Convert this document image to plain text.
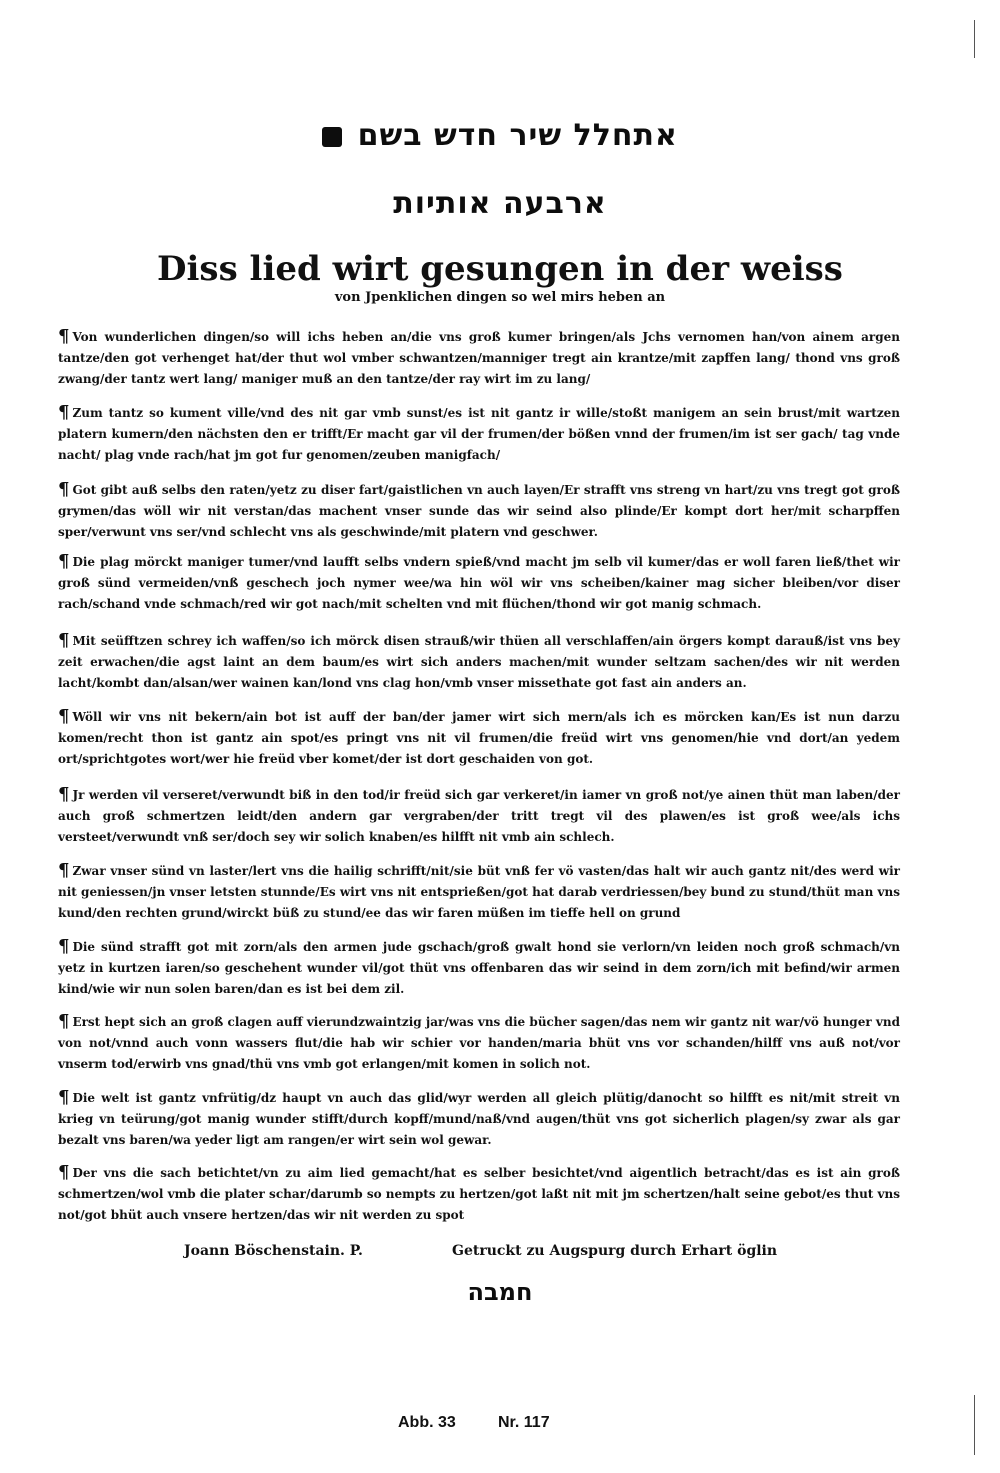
אתחלל שיר חדש בשם
ארבעה אותיות
Diss lied wirt gesungen in der weiss
von Jpenklichen dingen so wel mirs heben an
¶ Von wunderlichen dingen/so will ichs heben an/die vns groß kumer bringen/als Jchs vernomen han/von ainem argen tantze/den got verhenget hat/der thut wol vmber schwantzen/manniger tregt ain krantze/mit zapffen lang/ thond vns groß zwang/der tantz wert lang/ maniger muß an den tantze/der ray wirt im zu lang/
¶ Zum tantz so kument ville/vnd des nit gar vmb sunst/es ist nit gantz ir wille/stoßt manigem an sein brust/mit wartzen platern kumern/den nächsten den er trifft/Er macht gar vil der frumen/der bößen vnnd der frumen/im ist ser gach/ tag vnde nacht/ plag vnde rach/hat jm got fur genomen/zeuben manigfach/
¶ Got gibt auß selbs den raten/yetz zu diser fart/gaistlichen vn auch layen/Er strafft vns streng vn hart/zu vns tregt got groß grymen/das wöll wir nit verstan/das machent vnser sunde das wir seind also plinde/Er kompt dort her/mit scharpffen sper/verwunt vns ser/vnd schlecht vns als geschwinde/mit platern vnd geschwer.
¶ Die plag mörckt maniger tumer/vnd laufft selbs vndern spieß/vnd macht jm selb vil kumer/das er woll faren ließ/thet wir groß sünd vermeiden/vnß geschech joch nymer wee/wa hin wöl wir vns scheiben/kainer mag sicher bleiben/vor diser rach/schand vnde schmach/red wir got nach/mit schelten vnd mit flüchen/thond wir got manig schmach.
¶ Mit seüfftzen schrey ich waffen/so ich mörck disen strauß/wir thüen all verschlaffen/ain örgers kompt darauß/ist vns bey zeit erwachen/die agst laint an dem baum/es wirt sich anders machen/mit wunder seltzam sachen/des wir nit werden lacht/kombt dan/alsan/wer wainen kan/lond vns clag hon/vmb vnser missethate got fast ain anders an.
¶ Wöll wir vns nit bekern/ain bot ist auff der ban/der jamer wirt sich mern/als ich es mörcken kan/Es ist nun darzu komen/recht thon ist gantz ain spot/es pringt vns nit vil frumen/die freüd wirt vns genomen/hie vnd dort/an yedem ort/sprichtgotes wort/wer hie freüd vber komet/der ist dort geschaiden von got.
¶ Jr werden vil verseret/verwundt biß in den tod/ir freüd sich gar verkeret/in iamer vn groß not/ye ainen thüt man laben/der auch groß schmertzen leidt/den andern gar vergraben/der tritt tregt vil des plawen/es ist groß wee/als ichs versteet/verwundt vnß ser/doch sey wir solich knaben/es hilfft nit vmb ain schlech.
¶ Zwar vnser sünd vn laster/lert vns die hailig schrifft/nit/sie büt vnß fer vö vasten/das halt wir auch gantz nit/des werd wir nit geniessen/jn vnser letsten stunnde/Es wirt vns nit entsprießen/got hat darab verdriessen/bey bund zu stund/thüt man vns kund/den rechten grund/wirckt büß zu stund/ee das wir faren müßen im tieffe hell on grund
¶ Die sünd strafft got mit zorn/als den armen jude gschach/groß gwalt hond sie verlorn/vn leiden noch groß schmach/vn yetz in kurtzen iaren/so geschehent wunder vil/got thüt vns offenbaren das wir seind in dem zorn/ich mit befind/wir armen kind/wie wir nun solen baren/dan es ist bei dem zil.
¶ Erst hept sich an groß clagen auff vierundzwaintzig jar/was vns die bücher sagen/das nem wir gantz nit war/vö hunger vnd von not/vnnd auch vonn wassers flut/die hab wir schier vor handen/maria bhüt vns vor schanden/hilff vns auß not/vor vnserm tod/erwirb vns gnad/thü vns vmb got erlangen/mit komen in solich not.
¶ Die welt ist gantz vnfrütig/dz haupt vn auch das glid/wyr werden all gleich plütig/danocht so hilfft es nit/mit streit vn krieg vn teürung/got manig wunder stifft/durch kopff/mund/naß/vnd augen/thüt vns got sicherlich plagen/sy zwar als gar bezalt vns baren/wa yeder ligt am rangen/er wirt sein wol gewar.
¶ Der vns die sach betichtet/vn zu aim lied gemacht/hat es selber besichtet/vnd aigentlich betracht/das es ist ain groß schmertzen/wol vmb die plater schar/darumb so nempts zu hertzen/got laßt nit mit jm schertzen/halt seine gebot/es thut vns not/got bhüt auch vnsere hertzen/das wir nit werden zu spot
Joann Böschenstain. P.	Getruckt zu Augspurg durch Erhart öglin
חמבה
Abb. 33	Nr. 117
